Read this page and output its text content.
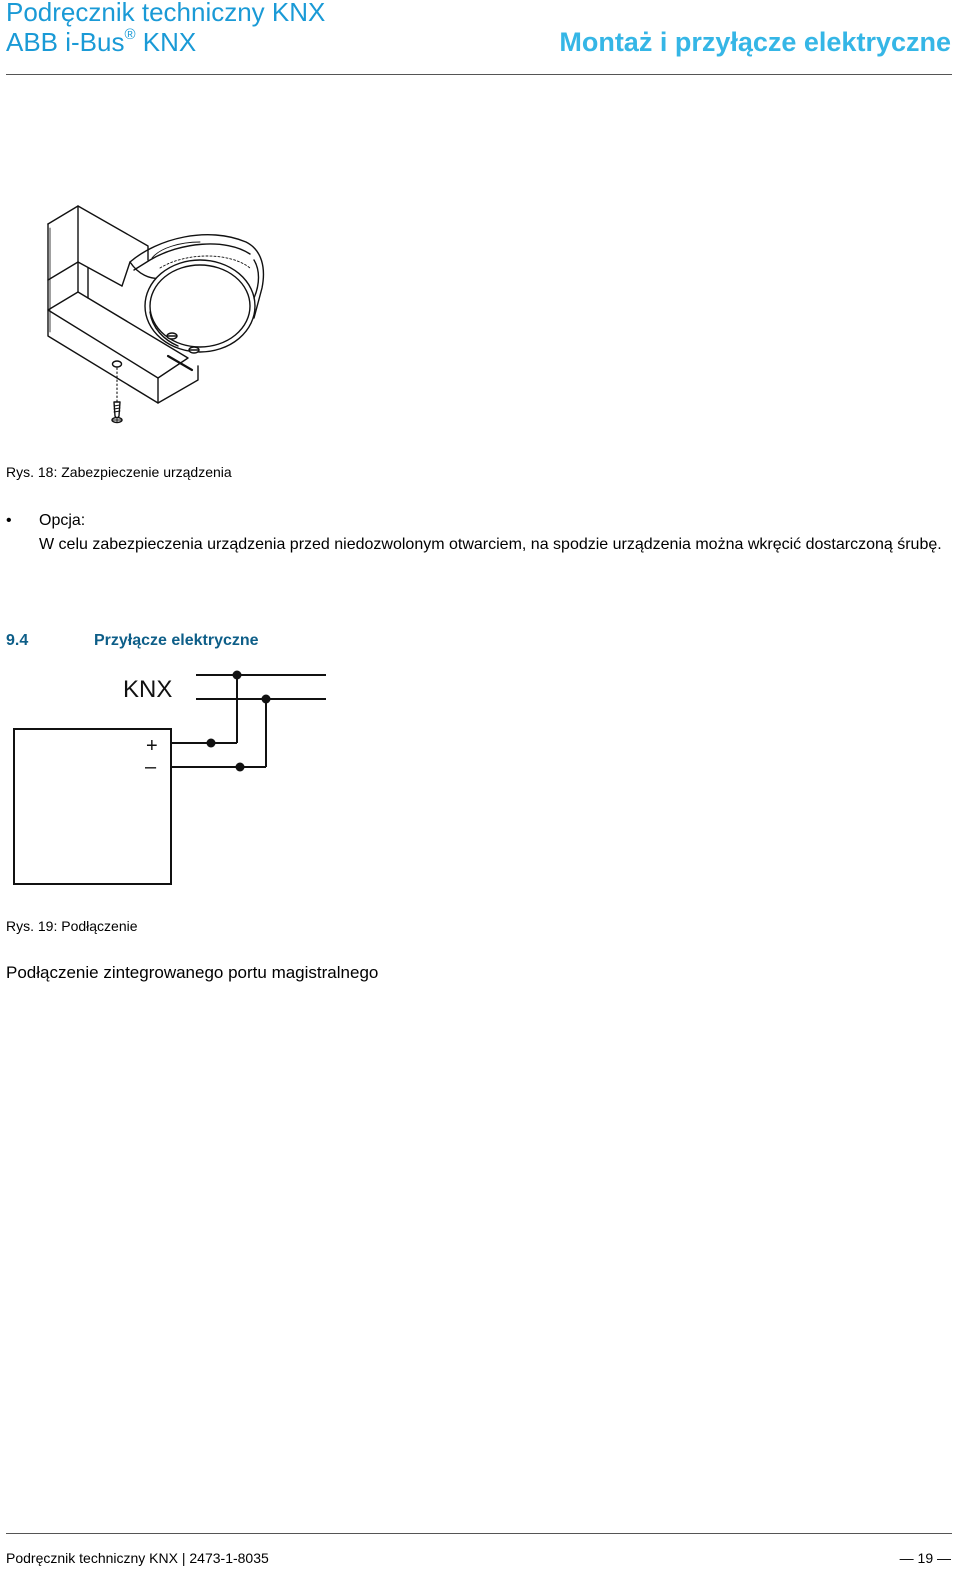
Podręcznik techniczny KNX
ABB i-Bus® KNX	Montaż i przyłącze elektryczne
Rys. 18: Zabezpieczenie urządzenia
• Opcja:
W celu zabezpieczenia urządzenia przed niedozwolonym otwarciem, na spodzie urządzenia można wkręcić dostarczoną śrubę.
9.4	Przyłącze elektryczne
KNX
+
–
Rys. 19: Podłączenie
Podłączenie zintegrowanego portu magistralnego
Podręcznik techniczny KNX | 2473-1-8035	— 19 —
